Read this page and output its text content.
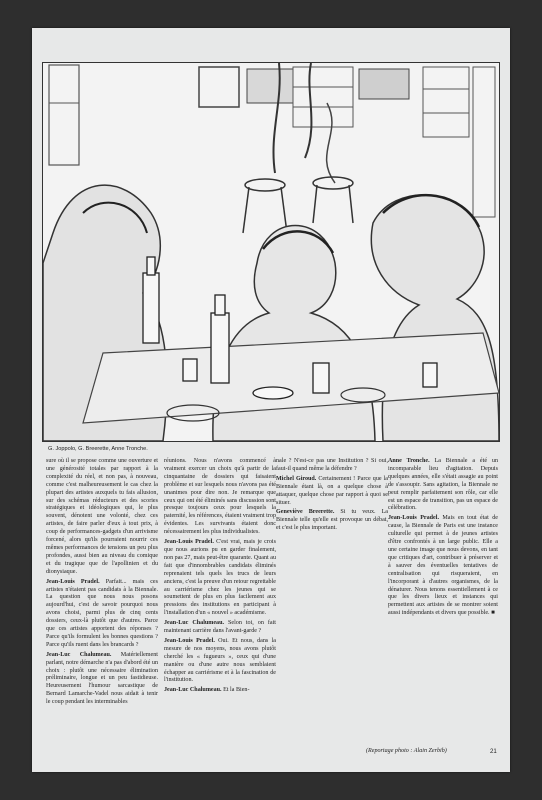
G. Joppolo, G. Breerette, Anne Tronche.

sure où il se propose comme une ouverture et une générosité totales par rapport à la complexité du réel, et non pas, à nouveau, comme c'est malheureusement le cas chez la plupart des artistes auxquels tu fais allusion, sur des schémas réducteurs et des scories stratégiques et idéologiques qui, le plus souvent, dénotent une volonté, chez ces artistes, de faire parler d'eux à tout prix, à coup de performances-gadgets d'un arrivisme forcené, alors qu'ils pourraient nourrir ces mêmes performances de tensions un peu plus profondes, aussi bien au niveau du comique et du tragique que de l'apollinien et du dionysiaque.

Jean-Louis Pradel. Parfait... mais ces artistes n'étaient pas candidats à la Biennale. La question que nous nous posons aujourd'hui, c'est de savoir pourquoi nous avons choisi, parmi plus de cinq cents dossiers, ceux-là plutôt que d'autres. Parce que ces artistes apportent des réponses ? Parce qu'ils formulent les bonnes questions ? Parce qu'ils ruent dans les brancards ?

Jean-Luc Chalumeau. Matériellement parlant, notre démarche n'a pas d'abord été un choix : plutôt une nécessaire élimination préliminaire, longue et un peu fastidieuse. Heureusement l'humour sarcastique de Bernard Lamarche-Vadel nous aidait à tenir le coup pendant les interminables

réunions. Nous n'avons commencé à vraiment exercer un choix qu'à partir de la cinquantaine de dossiers qui faisaient problème et sur lesquels nous n'avons pas été unanimes pour dire non. Je remarque que ceux qui ont été éliminés sans discussion sont presque toujours ceux pour lesquels la paternité, les références, étaient vraiment trop évidentes. Les survivants étaient donc nécessairement les plus individualistes.

Jean-Louis Pradel. C'est vrai, mais je crois que nous aurions pu en garder finalement, non pas 27, mais peut-être quarante. Quant au fait que d'innombrables candidats éliminés reprenaient tels quels les trucs de leurs anciens, c'est la preuve d'un retour regrettable au carriérisme chez les jeunes qui se soumettent de plus en plus facilement aux pressions des institutions en participant à l'installation d'un « nouvel » académisme.

Jean-Luc Chalumeau. Selon toi, on fait maintenant carrière dans l'avant-garde ?

Jean-Louis Pradel. Oui. Et nous, dans la mesure de nos moyens, nous avons plutôt cherché les « fugueurs », ceux qui d'une manière ou d'une autre nous semblaient échapper au carriérisme et à la fascination de l'institution.

Jean-Luc Chalumeau. Et la Bien-

nale ? N'est-ce pas une Institution ? Si oui, faut-il quand même la défendre ?

Michel Giroud. Certainement ! Parce que la Biennale étant là, on a quelque chose à attaquer, quelque chose par rapport à quoi se situer.

Geneviève Breerette. Si tu veux. La Biennale telle qu'elle est provoque un débat, et c'est le plus important.

Anne Tronche. La Biennale a été un incomparable lieu d'agitation. Depuis quelques années, elle s'était assagie au point de s'assoupir. Sans agitation, la Biennale ne peut remplir parfaitement son rôle, car elle est un espace de transition, pas un espace de célébration.

Jean-Louis Pradel. Mais en tout état de cause, la Biennale de Paris est une instance culturelle qui permet à de jeunes artistes d'être confrontés à un large public. Elle a une certaine image que nous devons, en tant que critiques d'art, contribuer à préserver et à sauver des éventuelles tentatives de centralisation qui risqueraient, en l'incorporant à d'autres organismes, de la dénaturer. Nous tenons essentiellement à ce que les divers lieux et instances qui permettent aux artistes de se montrer soient aussi indépendants et divers que possible. ■

(Reportage photo : Alain Zerbib)	21
